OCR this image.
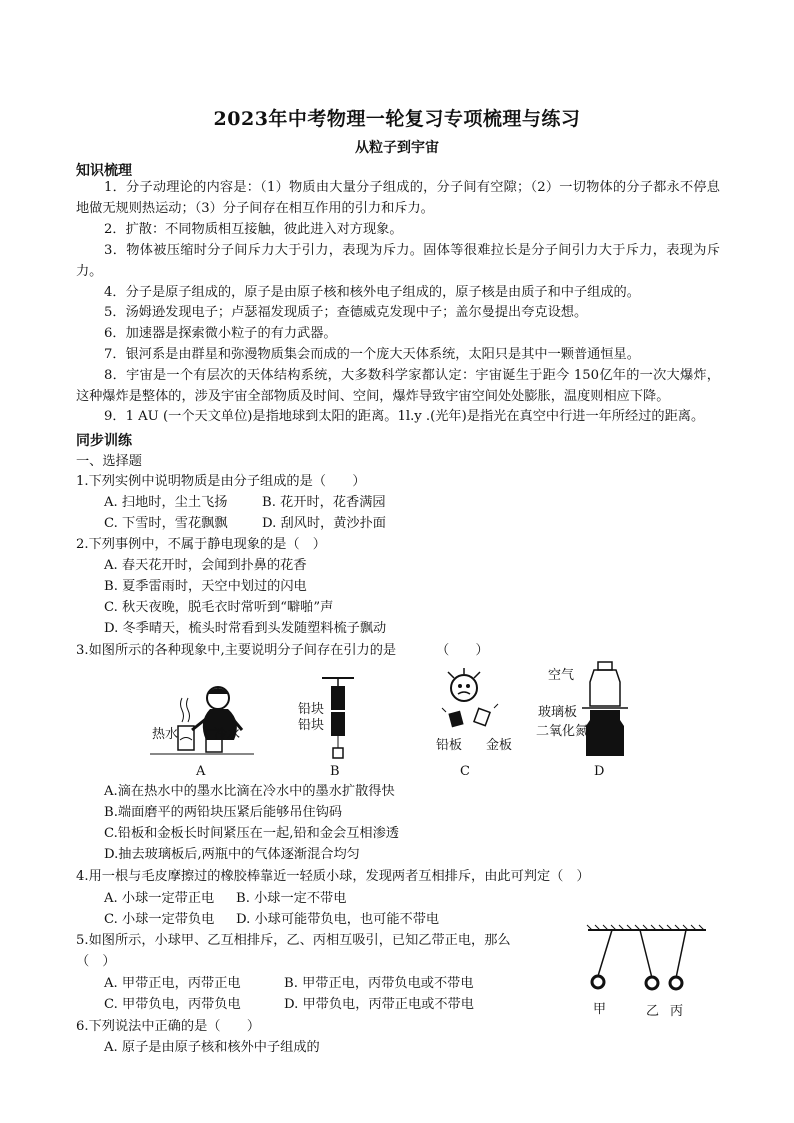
2023年中考物理一轮复习专项梳理与练习
从粒子到宇宙
知识梳理
1．分子动理论的内容是：（1）物质由大量分子组成的，分子间有空隙；（2）一切物体的分子都永不停息地做无规则热运动；（3）分子间存在相互作用的引力和斥力。
2．扩散：不同物质相互接触，彼此进入对方现象。
3．物体被压缩时分子间斥力大于引力，表现为斥力。固体等很难拉长是分子间引力大于斥力，表现为斥力。
4．分子是原子组成的，原子是由原子核和核外电子组成的，原子核是由质子和中子组成的。
5．汤姆逊发现电子；卢瑟福发现质子；查德威克发现中子；盖尔曼提出夸克设想。
6．加速器是探索微小粒子的有力武器。
7．银河系是由群星和弥漫物质集会而成的一个庞大天体系统，太阳只是其中一颗普通恒星。
8．宇宙是一个有层次的天体结构系统，大多数科学家都认定：宇宙诞生于距今 150亿年的一次大爆炸，这种爆炸是整体的，涉及宇宙全部物质及时间、空间，爆炸导致宇宙空间处处膨胀，温度则相应下降。
9．1 AU (一个天文单位)是指地球到太阳的距离。1l.y .(光年)是指光在真空中行进一年所经过的距离。
同步训练
一、选择题
1.下列实例中说明物质是由分子组成的是（　　）
A. 扫地时，尘土飞扬	B. 花开时，花香满园
C. 下雪时，雪花飘飘	D. 刮风时，黄沙扑面
2.下列事例中，不属于静电现象的是（　）
A. 春天花开时，会闻到扑鼻的花香
B. 夏季雷雨时，天空中划过的闪电
C. 秋天夜晚，脱毛衣时常听到“噼啪”声
D. 冬季晴天，梳头时常看到头发随塑料梳子飘动
3.如图所示的各种现象中,主要说明分子间存在引力的是	（　　）
热水	冷水
铅块
铅块
铅板 金板
空气
玻璃板
二氧化氮
A	B	C	D
A.滴在热水中的墨水比滴在冷水中的墨水扩散得快
B.端面磨平的两铅块压紧后能够吊住钩码
C.铅板和金板长时间紧压在一起,铅和金会互相渗透
D.抽去玻璃板后,两瓶中的气体逐渐混合均匀
4.用一根与毛皮摩擦过的橡胶棒靠近一轻质小球，发现两者互相排斥，由此可判定（　）
A. 小球一定带正电 B. 小球一定不带电
C. 小球一定带负电 D. 小球可能带负电，也可能不带电
5.如图所示，小球甲、乙互相排斥，乙、丙相互吸引，已知乙带正电，那么
（　）
A. 甲带正电，丙带正电	B. 甲带正电，丙带负电或不带电
C. 甲带负电，丙带负电	D. 甲带负电，丙带正电或不带电	甲	乙 丙
6.下列说法中正确的是（　　）
A. 原子是由原子核和核外中子组成的
